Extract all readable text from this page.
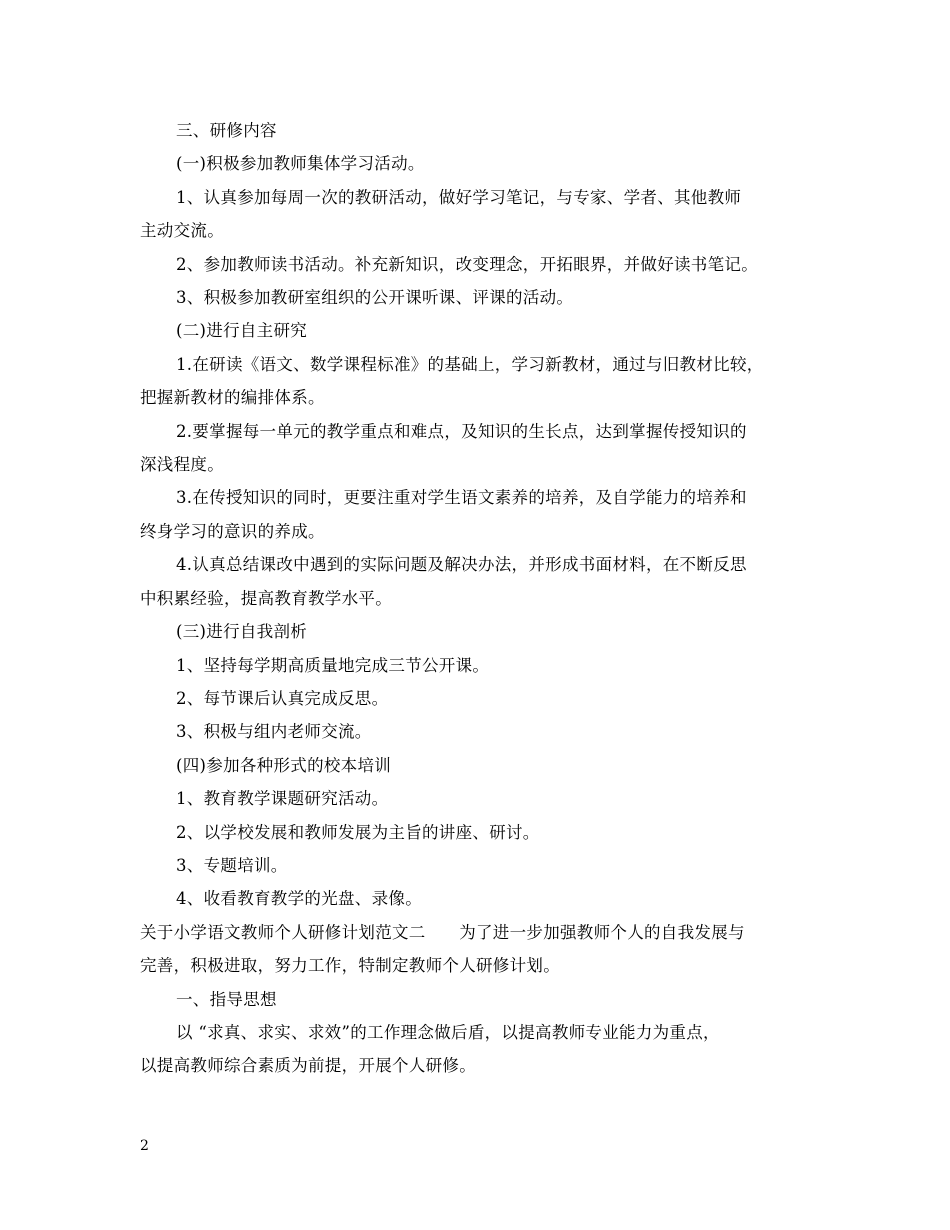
三、研修内容

(一)积极参加教师集体学习活动。

1、认真参加每周一次的教研活动，做好学习笔记，与专家、学者、其他教师

主动交流。

2、参加教师读书活动。补充新知识，改变理念，开拓眼界，并做好读书笔记。

3、积极参加教研室组织的公开课听课、评课的活动。

(二)进行自主研究

1.在研读《语文、数学课程标准》的基础上，学习新教材，通过与旧教材比较，

把握新教材的编排体系。

2.要掌握每一单元的教学重点和难点，及知识的生长点，达到掌握传授知识的

深浅程度。

3.在传授知识的同时，更要注重对学生语文素养的培养，及自学能力的培养和

终身学习的意识的养成。

4.认真总结课改中遇到的实际问题及解决办法，并形成书面材料，在不断反思

中积累经验，提高教育教学水平。

(三)进行自我剖析

1、坚持每学期高质量地完成三节公开课。

2、每节课后认真完成反思。

3、积极与组内老师交流。

(四)参加各种形式的校本培训

1、教育教学课题研究活动。

2、以学校发展和教师发展为主旨的讲座、研讨。

3、专题培训。

4、收看教育教学的光盘、录像。

关于小学语文教师个人研修计划范文二　　为了进一步加强教师个人的自我发展与

完善，积极进取，努力工作，特制定教师个人研修计划。

一、指导思想

以 “求真、求实、求效”的工作理念做后盾，以提高教师专业能力为重点，

以提高教师综合素质为前提，开展个人研修。

2
